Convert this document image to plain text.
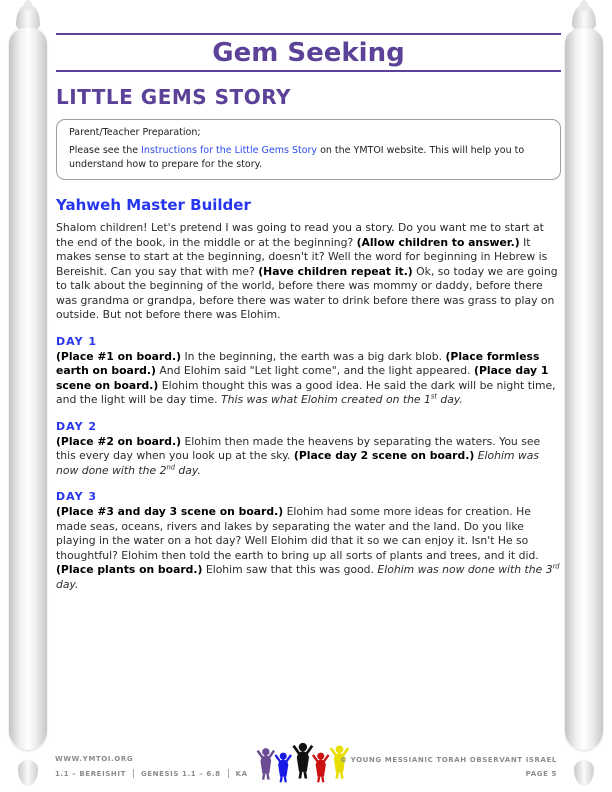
Gem Seeking
LITTLE GEMS STORY
Parent/Teacher Preparation;

Please see the Instructions for the Little Gems Story on the YMTOI website. This will help you to understand how to prepare for the story.

Yahweh Master Builder

Shalom children! Let's pretend I was going to read you a story. Do you want me to start at the end of the book, in the middle or at the beginning? (Allow children to answer.) It makes sense to start at the beginning, doesn't it? Well the word for beginning in Hebrew is Bereishit. Can you say that with me? (Have children repeat it.) Ok, so today we are going to talk about the beginning of the world, before there was mommy or daddy, before there was grandma or grandpa, before there was water to drink before there was grass to play on outside. But not before there was Elohim.

DAY 1

(Place #1 on board.) In the beginning, the earth was a big dark blob. (Place formless earth on board.) And Elohim said "Let light come", and the light appeared. (Place day 1 scene on board.) Elohim thought this was a good idea. He said the dark will be night time, and the light will be day time. This was what Elohim created on the 1st day.

DAY 2

(Place #2 on board.) Elohim then made the heavens by separating the waters. You see this every day when you look up at the sky. (Place day 2 scene on board.) Elohim was now done with the 2nd day.

DAY 3

(Place #3 and day 3 scene on board.) Elohim had some more ideas for creation. He made seas, oceans, rivers and lakes by separating the water and the land. Do you like playing in the water on a hot day? Well Elohim did that it so we can enjoy it. Isn't He so thoughtful? Elohim then told the earth to bring up all sorts of plants and trees, and it did. (Place plants on board.) Elohim saw that this was good. Elohim was now done with the 3rd day.

WWW.YMTOI.ORG
1.1 – BEREISHIT GENESIS 1.1 – 6.8 KA
© YOUNG MESSIANIC TORAH OBSERVANT ISRAEL
PAGE 5
